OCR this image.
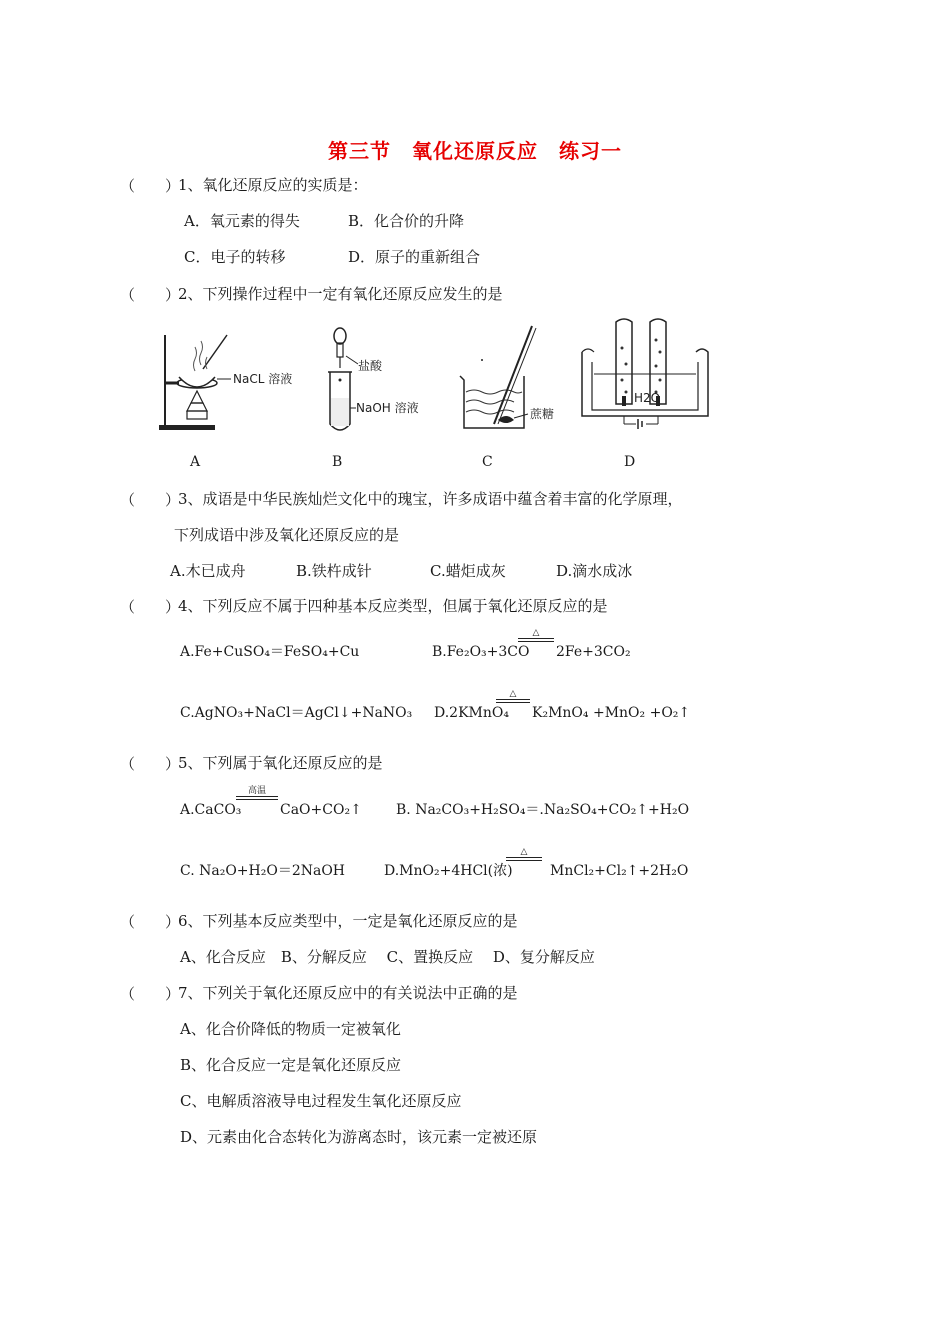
第三节　氧化还原反应　练习一
（　　）
1、氧化还原反应的实质是：
A．氧元素的得失	B．化合价的升降
C．电子的转移	D．原子的重新组合
（　　）
2、下列操作过程中一定有氧化还原反应发生的是
NaCL 溶液
盐酸
NaOH 溶液	蔗糖
H2O
A	B	C	D
（　　）
3、成语是中华民族灿烂文化中的瑰宝，许多成语中蕴含着丰富的化学原理，
下列成语中涉及氧化还原反应的是
A.木已成舟	B.铁杵成针	C.蜡炬成灰	D.滴水成冰
（　　）
4、下列反应不属于四种基本反应类型，但属于氧化还原反应的是
A.Fe+CuSO₄＝FeSO₄+Cu	B.Fe₂O₃+3CO
△
2Fe+3CO₂
C.AgNO₃+NaCl＝AgCl↓+NaNO₃ D.2KMnO₄
△
K₂MnO₄ +MnO₂ +O₂↑
（　　）
5、下列属于氧化还原反应的是
A.CaCO₃
高温
CaO+CO₂↑ B. Na₂CO₃+H₂SO₄＝.Na₂SO₄+CO₂↑+H₂O
C. Na₂O+H₂O＝2NaOH	D.MnO₂+4HCl(浓)
△
MnCl₂+Cl₂↑+2H₂O
（　　）
6、下列基本反应类型中，一定是氧化还原反应的是
A、化合反应　B、分解反应　 C、置换反应　 D、复分解反应
（　　）
7、下列关于氧化还原反应中的有关说法中正确的是
A、化合价降低的物质一定被氧化
B、化合反应一定是氧化还原反应
C、电解质溶液导电过程发生氧化还原反应
D、元素由化合态转化为游离态时，该元素一定被还原
